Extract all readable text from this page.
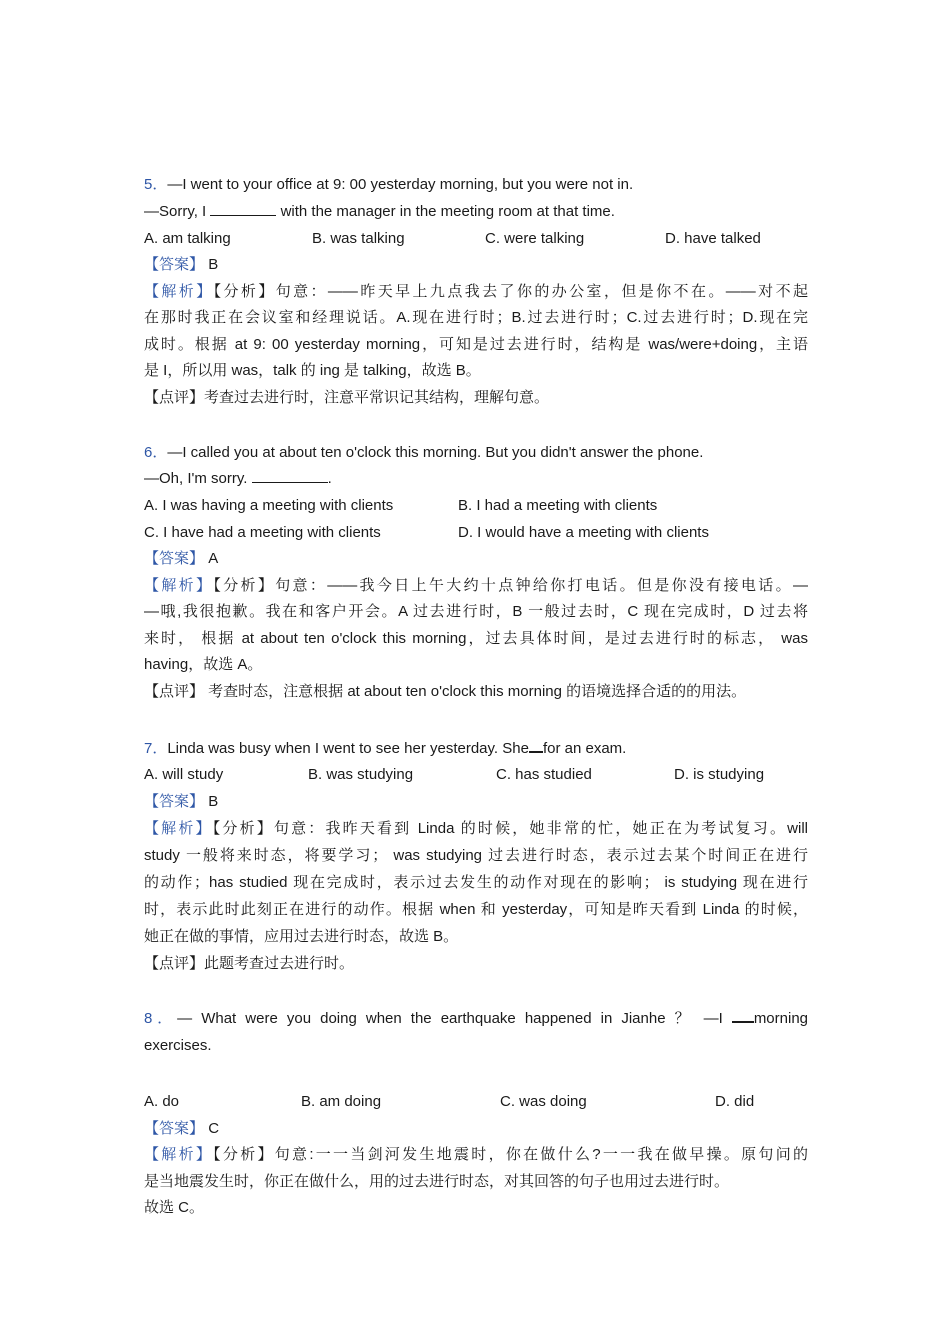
5．—I went to your office at 9: 00 yesterday morning, but you were not in.
—Sorry, I	with the manager in the meeting room at that time.
A. am talking	B. was talking	C. were talking	D. have talked
【答案】 B
【解析】【分析】句意：——昨天早上九点我去了你的办公室，但是你不在。——对不起
在那时我正在会议室和经理说话。A.现在进行时；B.过去进行时；C.过去进行时；D.现在完
成时。根据 at 9: 00 yesterday morning，可知是过去进行时，结构是 was/were+doing，主语
是 I，所以用 was，talk 的 ing 是 talking，故选 B。
【点评】考查过去进行时，注意平常识记其结构，理解句意。
6．—I called you at about ten o'clock this morning. But you didn't answer the phone.
—Oh, I'm sorry.	.
A. I was having a meeting with clients	B. I had a meeting with clients
C. I have had a meeting with clients	D. I would have a meeting with clients
【答案】 A
【解析】【分析】句意：——我今日上午大约十点钟给你打电话。但是你没有接电话。—
—哦,我很抱歉。我在和客户开会。A 过去进行时，B 一般过去时，C 现在完成时，D 过去将
来时， 根据 at about ten o'clock this morning，过去具体时间，是过去进行时的标志， was
having，故选 A。
【点评】 考查时态，注意根据 at about ten o'clock this morning 的语境选择合适的的用法。
7．Linda was busy when I went to see her yesterday. She for an exam.
A. will study	B. was studying	C. has studied	D. is studying
【答案】 B
【解析】【分析】句意：我昨天看到 Linda 的时候，她非常的忙，她正在为考试复习。will
study 一般将来时态，将要学习； was studying 过去进行时态，表示过去某个时间正在进行
的动作；has studied 现在完成时，表示过去发生的动作对现在的影响； is studying 现在进行
时，表示此时此刻正在进行的动作。根据 when 和 yesterday，可知是昨天看到 Linda 的时候，
她正在做的事情，应用过去进行时态，故选 B。
【点评】此题考查过去进行时。
8．— What were you doing when the earthquake happened in Jianhe ？ —I morning
exercises.
A. do	B. am doing	C. was doing	D. did
【答案】 C
【解析】【分析】句意:一一当剑河发生地震时，你在做什么?一一我在做早操。原句问的
是当地震发生时，你正在做什么，用的过去进行时态，对其回答的句子也用过去进行时。
故选 C。
